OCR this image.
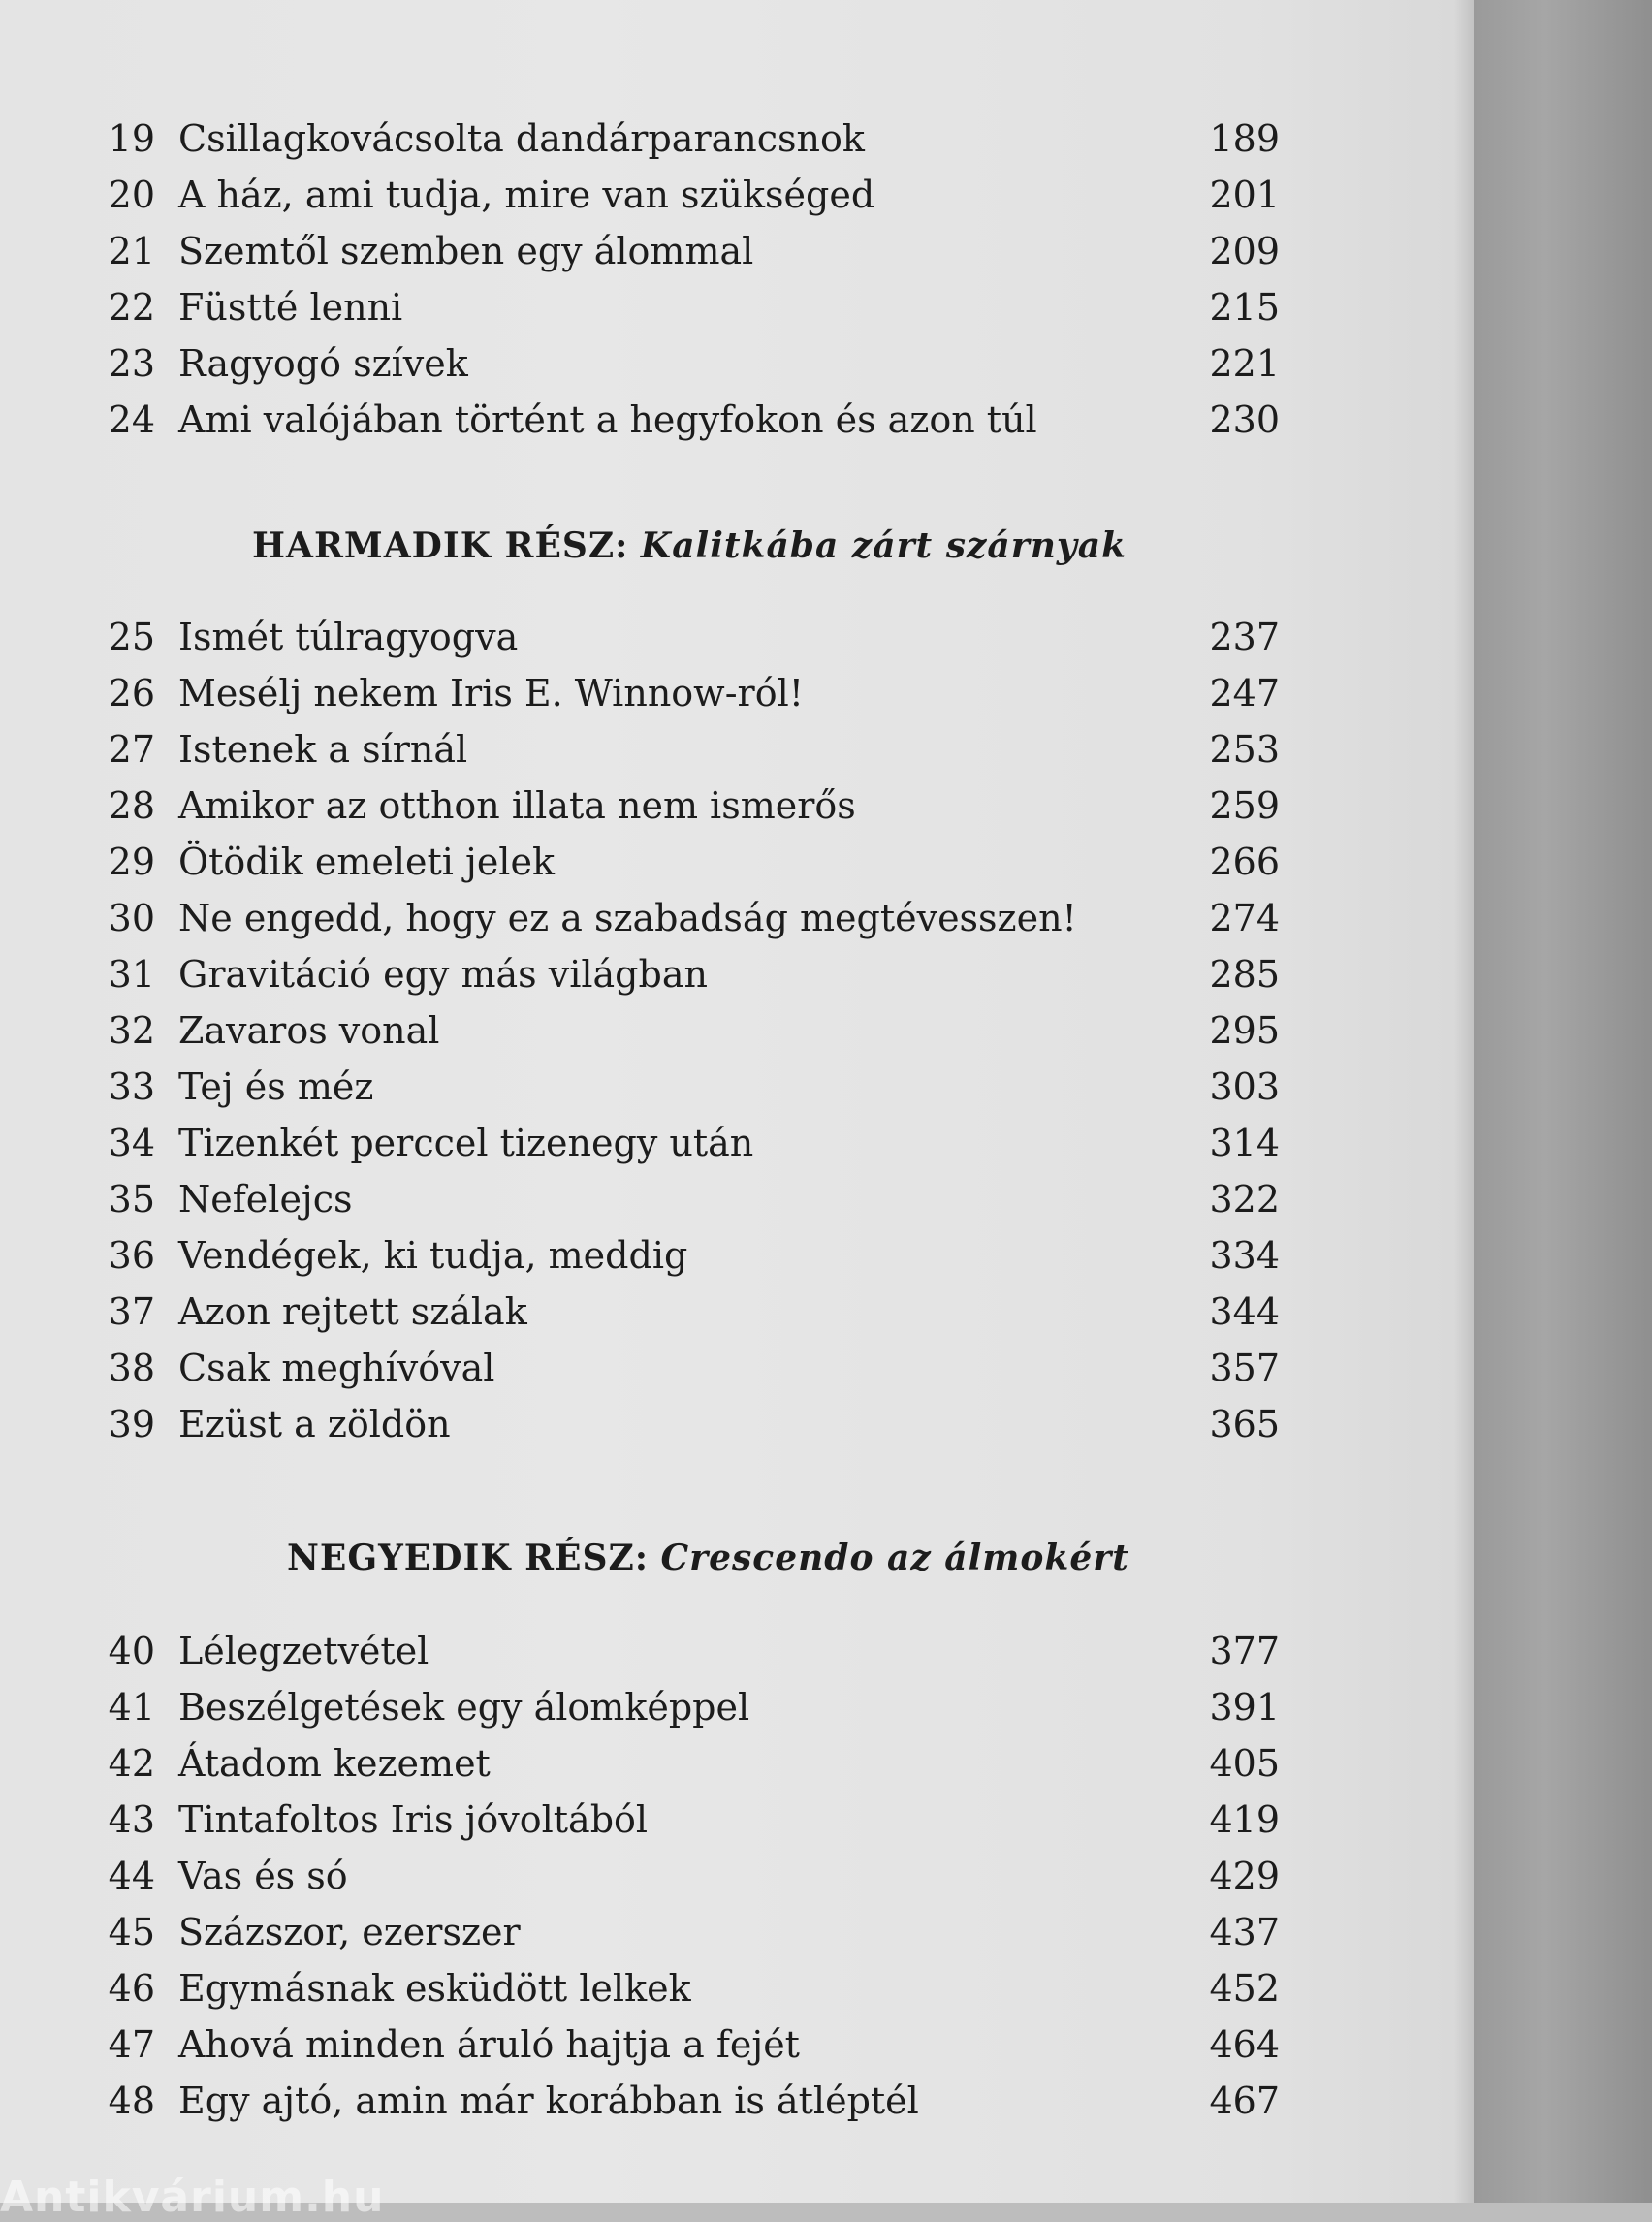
19 Csillagkovácsolta dandárparancsnok	189
20 A ház, ami tudja, mire van szükséged	201
21 Szemtől szemben egy álommal	209
22 Füstté lenni	215
23 Ragyogó szívek	221
24 Ami valójában történt a hegyfokon és azon túl	230
HARMADIK RÉSZ: Kalitkába zárt szárnyak
25 Ismét túlragyogva	237
26 Mesélj nekem Iris E. Winnow-ról!	247
27 Istenek a sírnál	253
28 Amikor az otthon illata nem ismerős	259
29 Ötödik emeleti jelek	266
30 Ne engedd, hogy ez a szabadság megtévesszen!	274
31 Gravitáció egy más világban	285
32 Zavaros vonal	295
33 Tej és méz	303
34 Tizenkét perccel tizenegy után	314
35 Nefelejcs	322
36 Vendégek, ki tudja, meddig	334
37 Azon rejtett szálak	344
38 Csak meghívóval	357
39 Ezüst a zöldön	365
NEGYEDIK RÉSZ: Crescendo az álmokért
40 Lélegzetvétel	377
41 Beszélgetések egy álomképpel	391
42 Átadom kezemet	405
43 Tintafoltos Iris jóvoltából	419
44 Vas és só	429
45 Százszor, ezerszer	437
46 Egymásnak esküdött lelkek	452
47 Ahová minden áruló hajtja a fejét	464
48 Egy ajtó, amin már korábban is átléptél	467
Antikvárium.hu
